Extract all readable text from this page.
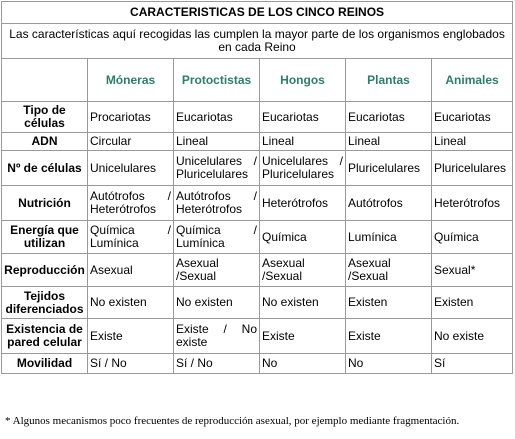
CARACTERISTICAS DE LOS CINCO REINOS					
Las características aquí recogidas las cumplen la mayor parte de los organismos englobados en cada Reino					
	Móneras	Protoctistas	Hongos	Plantas	Animales
Tipo de células	Procariotas	Eucariotas	Eucariotas	Eucariotas	Eucariotas
ADN	Circular	Lineal	Lineal	Lineal	Lineal
Nº de células	Unicelulares	Unicelulares / Pluricelulares	Unicelulares / Pluricelulares	Pluricelulares	Pluricelulares
Nutrición	Autótrofos / Heterótrofos	Autótrofos / Heterótrofos	Heterótrofos	Autótrofos	Heterótrofos
Energía que utilizan	Química / Lumínica	Química / Lumínica	Química	Lumínica	Química
Reproducción	Asexual	Asexual /Sexual	Asexual /Sexual	Asexual /Sexual	Sexual*
Tejidos diferenciados	No existen	No existen	No existen	Existen	Existen
Existencia de pared celular	Existe	Existe / No existe	Existe	Existe	No existe
Movilidad	Sí / No	Sí / No	No	No	Sí
* Algunos mecanismos poco frecuentes de reproducción asexual, por ejemplo mediante fragmentación.
